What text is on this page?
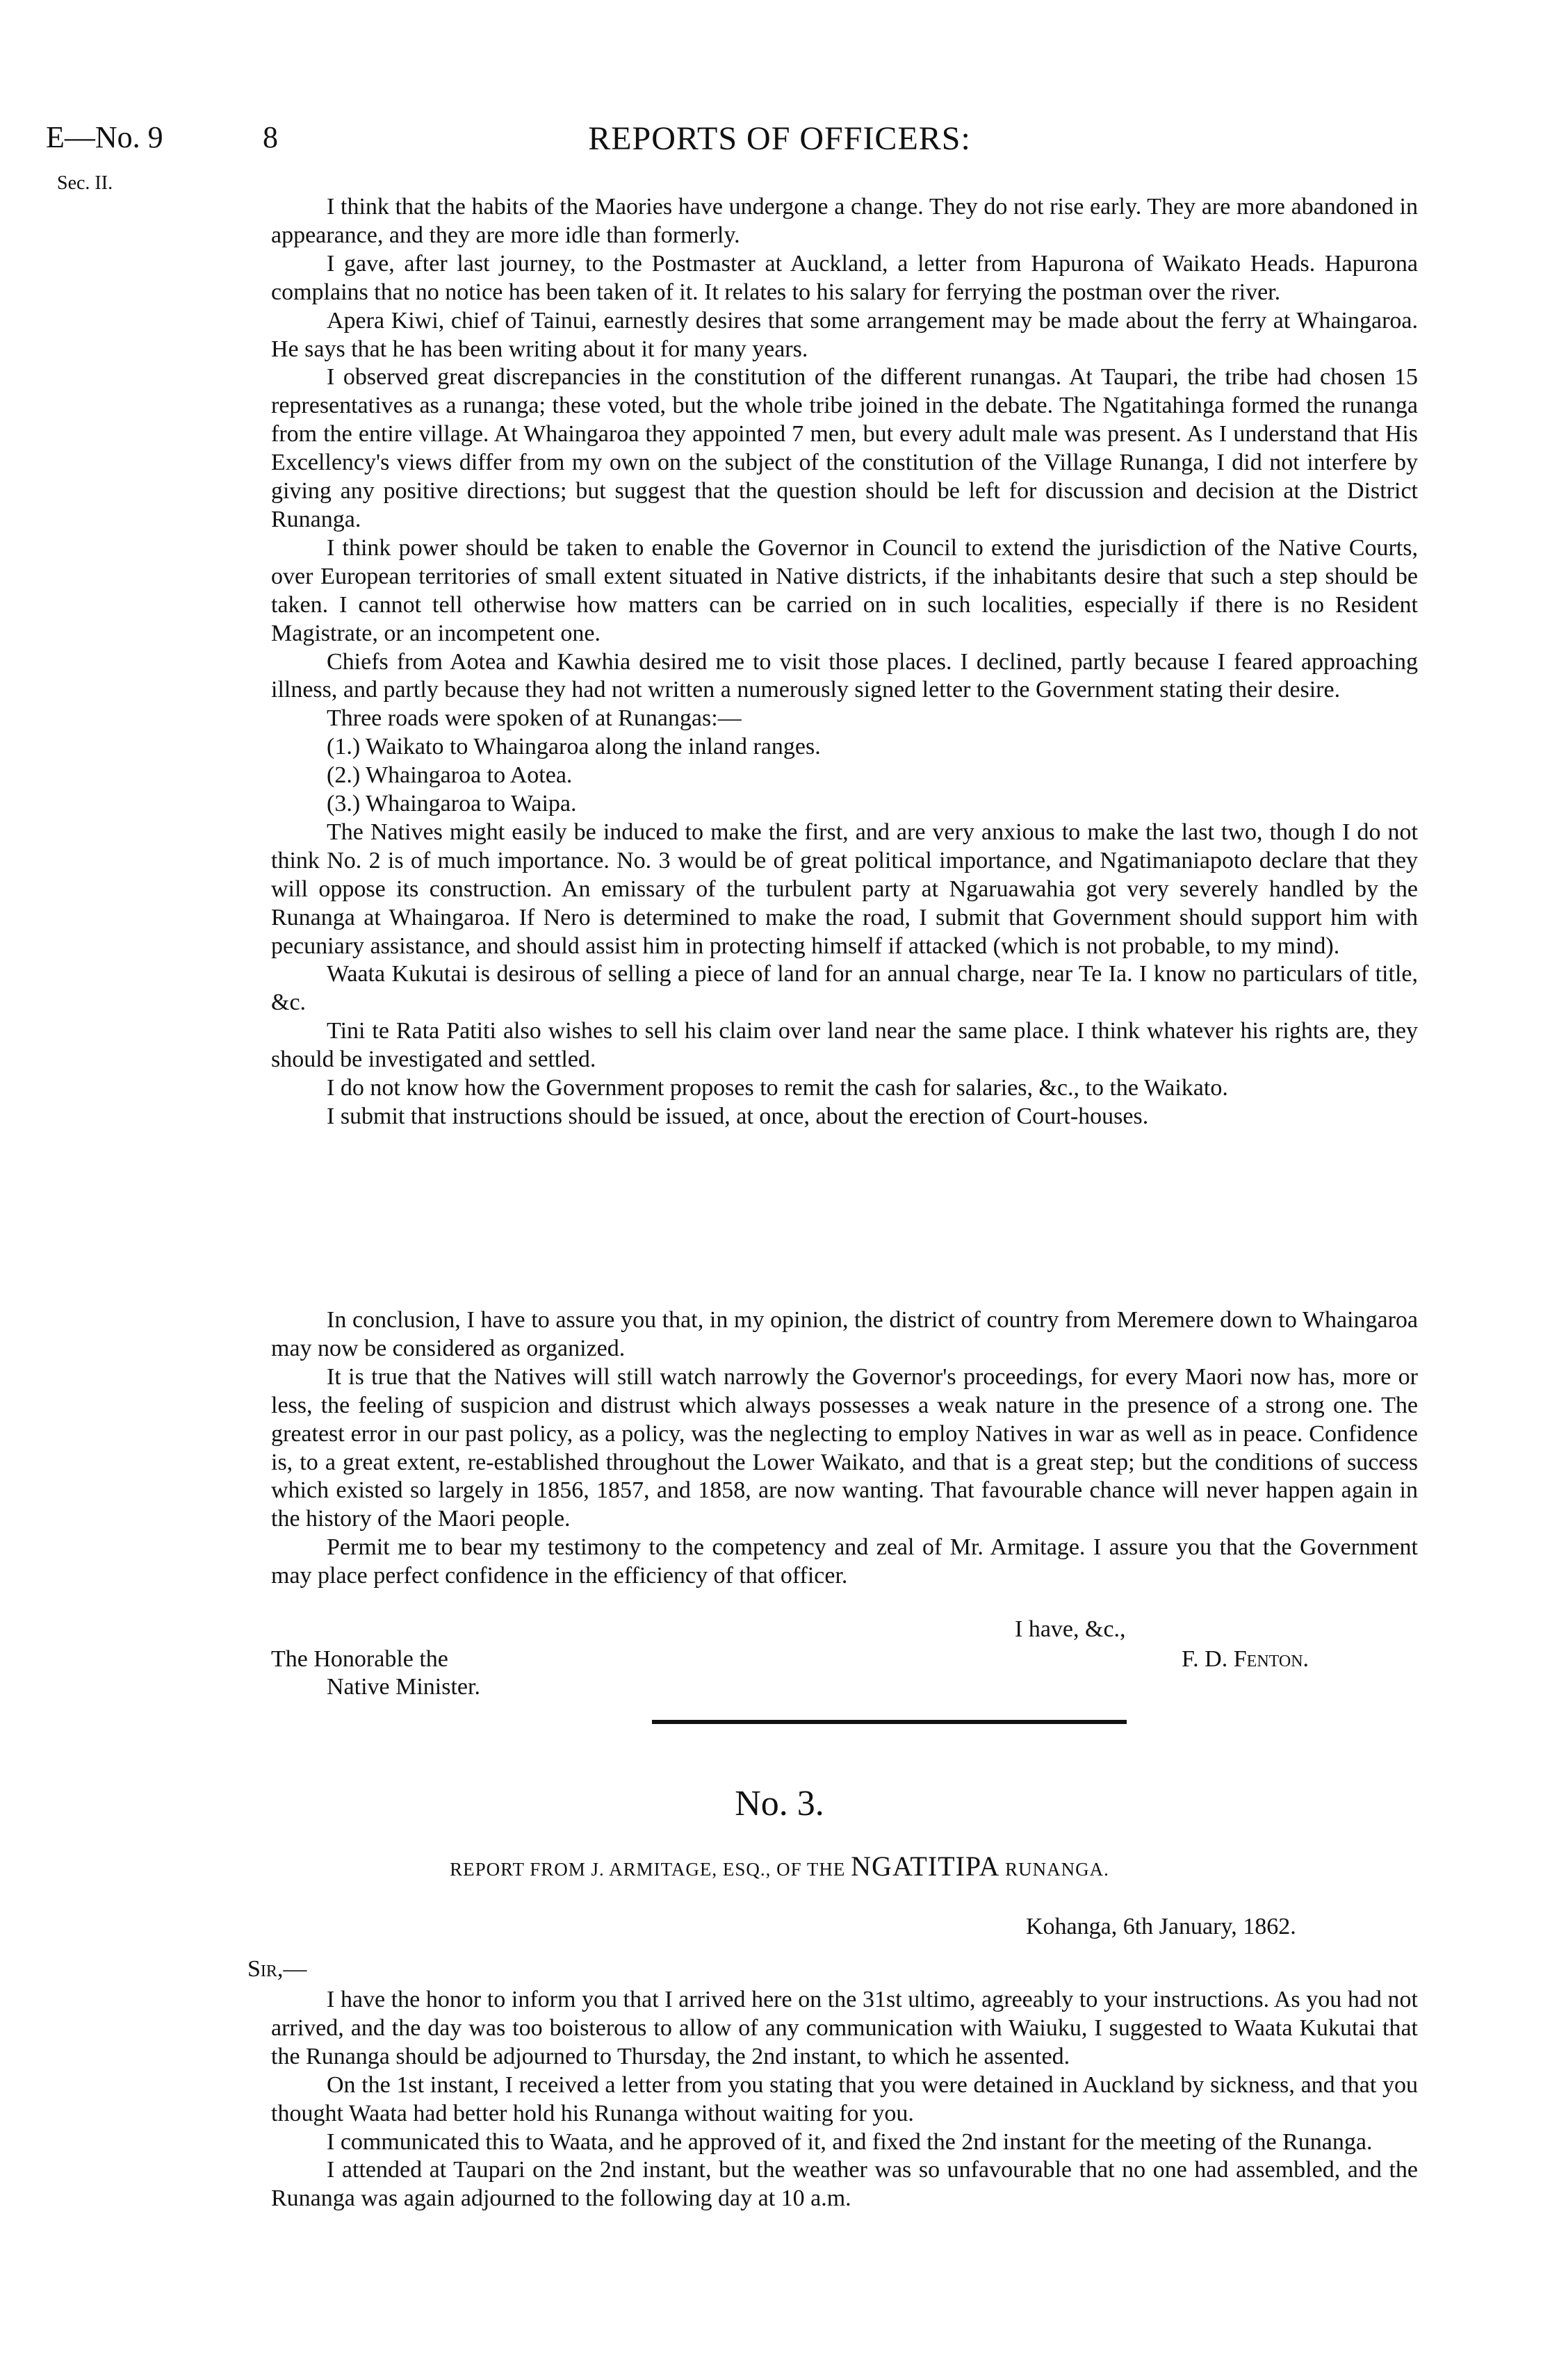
E—No. 9
Sec. II.
8	REPORTS OF OFFICERS:

I think that the habits of the Maories have undergone a change. They do not rise early. They are more abandoned in appearance, and they are more idle than formerly.

I gave, after last journey, to the Postmaster at Auckland, a letter from Hapurona of Waikato Heads. Hapurona complains that no notice has been taken of it. It relates to his salary for ferrying the postman over the river.

Apera Kiwi, chief of Tainui, earnestly desires that some arrangement may be made about the ferry at Whaingaroa. He says that he has been writing about it for many years.

I observed great discrepancies in the constitution of the different runangas. At Taupari, the tribe had chosen 15 representatives as a runanga; these voted, but the whole tribe joined in the debate. The Ngatitahinga formed the runanga from the entire village. At Whaingaroa they appointed 7 men, but every adult male was present. As I understand that His Excellency's views differ from my own on the subject of the constitution of the Village Runanga, I did not interfere by giving any positive directions; but suggest that the question should be left for discussion and decision at the District Runanga.

I think power should be taken to enable the Governor in Council to extend the jurisdiction of the Native Courts, over European territories of small extent situated in Native districts, if the inhabitants desire that such a step should be taken. I cannot tell otherwise how matters can be carried on in such localities, especially if there is no Resident Magistrate, or an incompetent one.

Chiefs from Aotea and Kawhia desired me to visit those places. I declined, partly because I feared approaching illness, and partly because they had not written a numerously signed letter to the Government stating their desire.

Three roads were spoken of at Runangas:—

(1.) Waikato to Whaingaroa along the inland ranges.

(2.) Whaingaroa to Aotea.

(3.) Whaingaroa to Waipa.

The Natives might easily be induced to make the first, and are very anxious to make the last two, though I do not think No. 2 is of much importance. No. 3 would be of great political importance, and Ngatimaniapoto declare that they will oppose its construction. An emissary of the turbulent party at Ngaruawahia got very severely handled by the Runanga at Whaingaroa. If Nero is determined to make the road, I submit that Government should support him with pecuniary assistance, and should assist him in protecting himself if attacked (which is not probable, to my mind).

Waata Kukutai is desirous of selling a piece of land for an annual charge, near Te Ia. I know no particulars of title, &c.

Tini te Rata Patiti also wishes to sell his claim over land near the same place. I think whatever his rights are, they should be investigated and settled.

I do not know how the Government proposes to remit the cash for salaries, &c., to the Waikato.

I submit that instructions should be issued, at once, about the erection of Court-houses.

In conclusion, I have to assure you that, in my opinion, the district of country from Meremere down to Whaingaroa may now be considered as organized.

It is true that the Natives will still watch narrowly the Governor's proceedings, for every Maori now has, more or less, the feeling of suspicion and distrust which always possesses a weak nature in the presence of a strong one. The greatest error in our past policy, as a policy, was the neglecting to employ Natives in war as well as in peace. Confidence is, to a great extent, re-established throughout the Lower Waikato, and that is a great step; but the conditions of success which existed so largely in 1856, 1857, and 1858, are now wanting. That favourable chance will never happen again in the history of the Maori people.

Permit me to bear my testimony to the competency and zeal of Mr. Armitage. I assure you that the Government may place perfect confidence in the efficiency of that officer.

I have, &c.,
The Honorable the
Native Minister.
F. D. Fenton.
No. 3.
REPORT FROM J. ARMITAGE, ESQ., OF THE NGATITIPA RUNANGA.
Kohanga, 6th January, 1862.
Sir,—

I have the honor to inform you that I arrived here on the 31st ultimo, agreeably to your instructions. As you had not arrived, and the day was too boisterous to allow of any communication with Waiuku, I suggested to Waata Kukutai that the Runanga should be adjourned to Thursday, the 2nd instant, to which he assented.

On the 1st instant, I received a letter from you stating that you were detained in Auckland by sickness, and that you thought Waata had better hold his Runanga without waiting for you.

I communicated this to Waata, and he approved of it, and fixed the 2nd instant for the meeting of the Runanga.

I attended at Taupari on the 2nd instant, but the weather was so unfavourable that no one had assembled, and the Runanga was again adjourned to the following day at 10 a.m.
